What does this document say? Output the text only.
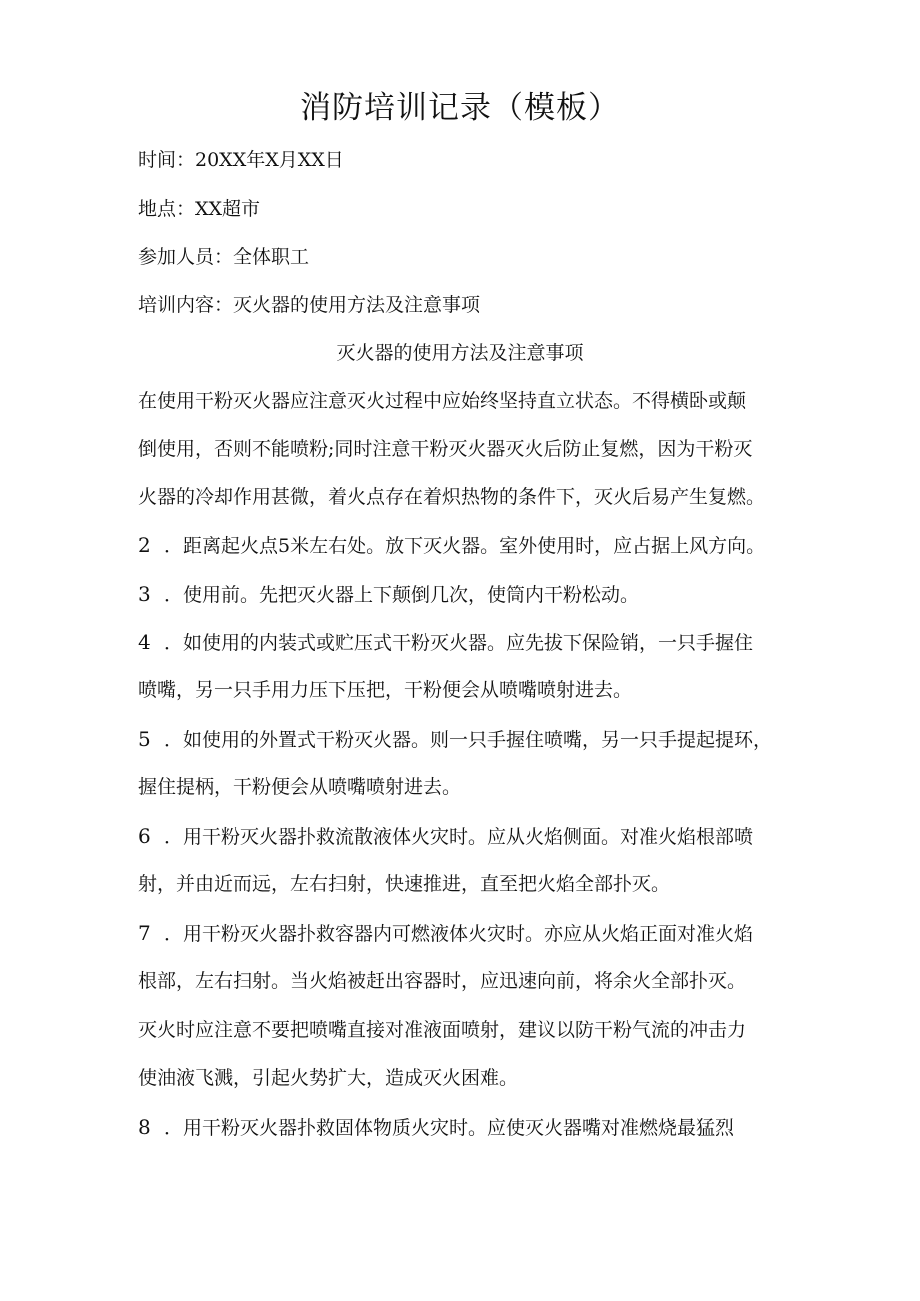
消防培训记录（模板）
时间：20XX年X月XX日
地点：XX超市
参加人员：全体职工
培训内容：灭火器的使用方法及注意事项
灭火器的使用方法及注意事项
在使用干粉灭火器应注意灭火过程中应始终坚持直立状态。不得横卧或颠
倒使用，否则不能喷粉;同时注意干粉灭火器灭火后防止复燃，因为干粉灭
火器的冷却作用甚微，着火点存在着炽热物的条件下，灭火后易产生复燃。
2 ．距离起火点5米左右处。放下灭火器。室外使用时，应占据上风方向。
3 ．使用前。先把灭火器上下颠倒几次，使筒内干粉松动。
4 ．如使用的内装式或贮压式干粉灭火器。应先拔下保险销，一只手握住
喷嘴，另一只手用力压下压把，干粉便会从喷嘴喷射进去。
5 ．如使用的外置式干粉灭火器。则一只手握住喷嘴，另一只手提起提环，
握住提柄，干粉便会从喷嘴喷射进去。
6 ．用干粉灭火器扑救流散液体火灾时。应从火焰侧面。对准火焰根部喷
射，并由近而远，左右扫射，快速推进，直至把火焰全部扑灭。
7 ．用干粉灭火器扑救容器内可燃液体火灾时。亦应从火焰正面对准火焰
根部，左右扫射。当火焰被赶出容器时，应迅速向前，将余火全部扑灭。
灭火时应注意不要把喷嘴直接对准液面喷射，建议以防干粉气流的冲击力
使油液飞溅，引起火势扩大，造成灭火困难。
8 ．用干粉灭火器扑救固体物质火灾时。应使灭火器嘴对准燃烧最猛烈
